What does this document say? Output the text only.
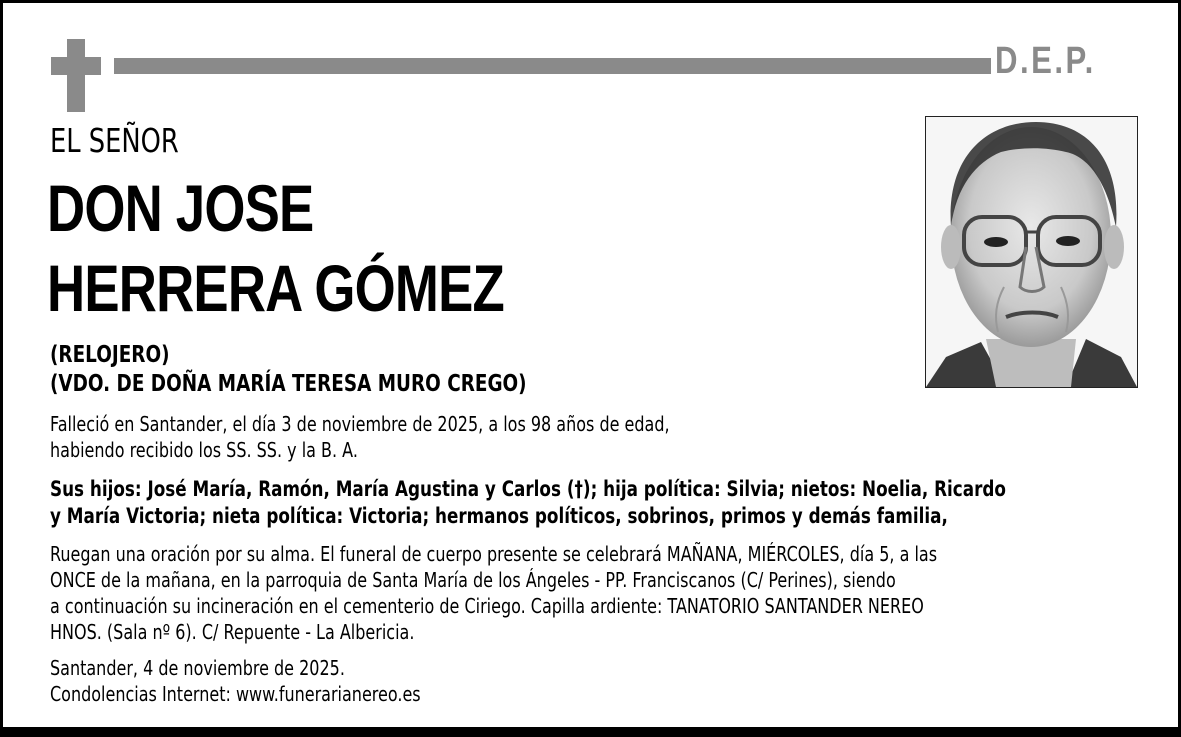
D.E.P.
EL SEÑOR
DON JOSE
HERRERA GÓMEZ
(RELOJERO)
(VDO. DE DOÑA MARÍA TERESA MURO CREGO)
Falleció en Santander, el día 3 de noviembre de 2025, a los 98 años de edad,
habiendo recibido los SS. SS. y la B. A.
Sus hijos: José María, Ramón, María Agustina y Carlos (†); hija política: Silvia; nietos: Noelia, Ricardo
y María Victoria; nieta política: Victoria; hermanos políticos, sobrinos, primos y demás familia,
Ruegan una oración por su alma. El funeral de cuerpo presente se celebrará MAÑANA, MIÉRCOLES, día 5, a las
ONCE de la mañana, en la parroquia de Santa María de los Ángeles - PP. Franciscanos (C/ Perines), siendo
a continuación su incineración en el cementerio de Ciriego. Capilla ardiente: TANATORIO SANTANDER NEREO
HNOS. (Sala nº 6). C/ Repuente - La Albericia.
Santander, 4 de noviembre de 2025.
Condolencias Internet: www.funerarianereo.es
